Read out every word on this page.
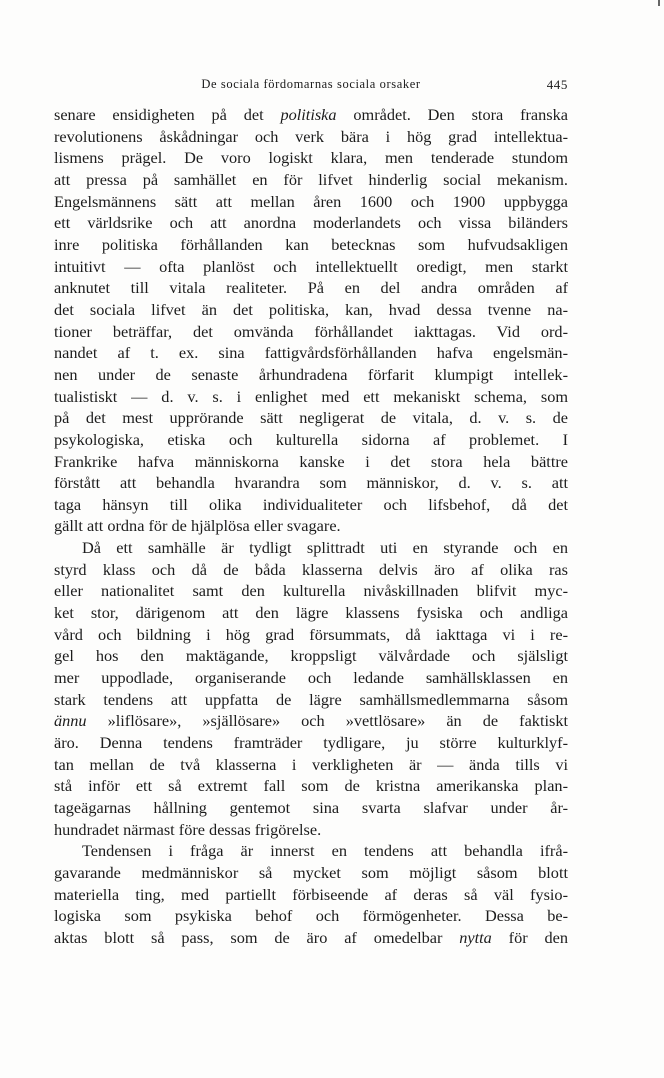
De sociala fördomarnas sociala orsaker	445
senare ensidigheten på det politiska området. Den stora franska
revolutionens åskådningar och verk bära i hög grad intellektua-
lismens prägel. De voro logiskt klara, men tenderade stundom
att pressa på samhället en för lifvet hinderlig social mekanism.
Engelsmännens sätt att mellan åren 1600 och 1900 uppbygga
ett världsrike och att anordna moderlandets och vissa biländers
inre politiska förhållanden kan betecknas som hufvudsakligen
intuitivt — ofta planlöst och intellektuellt oredigt, men starkt
anknutet till vitala realiteter. På en del andra områden af
det sociala lifvet än det politiska, kan, hvad dessa tvenne na-
tioner beträffar, det omvända förhållandet iakttagas. Vid ord-
nandet af t. ex. sina fattigvårdsförhållanden hafva engelsmän-
nen under de senaste århundradena förfarit klumpigt intellek-
tualistiskt — d. v. s. i enlighet med ett mekaniskt schema, som
på det mest upprörande sätt negligerat de vitala, d. v. s. de
psykologiska, etiska och kulturella sidorna af problemet. I
Frankrike hafva människorna kanske i det stora hela bättre
förstått att behandla hvarandra som människor, d. v. s. att
taga hänsyn till olika individualiteter och lifsbehof, då det
gällt att ordna för de hjälplösa eller svagare.
Då ett samhälle är tydligt splittradt uti en styrande och en
styrd klass och då de båda klasserna delvis äro af olika ras
eller nationalitet samt den kulturella nivåskillnaden blifvit myc-
ket stor, därigenom att den lägre klassens fysiska och andliga
vård och bildning i hög grad försummats, då iakttaga vi i re-
gel hos den maktägande, kroppsligt välvårdade och själsligt
mer uppodlade, organiserande och ledande samhällsklassen en
stark tendens att uppfatta de lägre samhällsmedlemmarna såsom
ännu »liflösare», »själlösare» och »vettlösare» än de faktiskt
äro. Denna tendens framträder tydligare, ju större kulturklyf-
tan mellan de två klasserna i verkligheten är — ända tills vi
stå inför ett så extremt fall som de kristna amerikanska plan-
tageägarnas hållning gentemot sina svarta slafvar under år-
hundradet närmast före dessas frigörelse.
Tendensen i fråga är innerst en tendens att behandla ifrå-
gavarande medmänniskor så mycket som möjligt såsom blott
materiella ting, med partiellt förbiseende af deras så väl fysio-
logiska som psykiska behof och förmögenheter. Dessa be-
aktas blott så pass, som de äro af omedelbar nytta för den
